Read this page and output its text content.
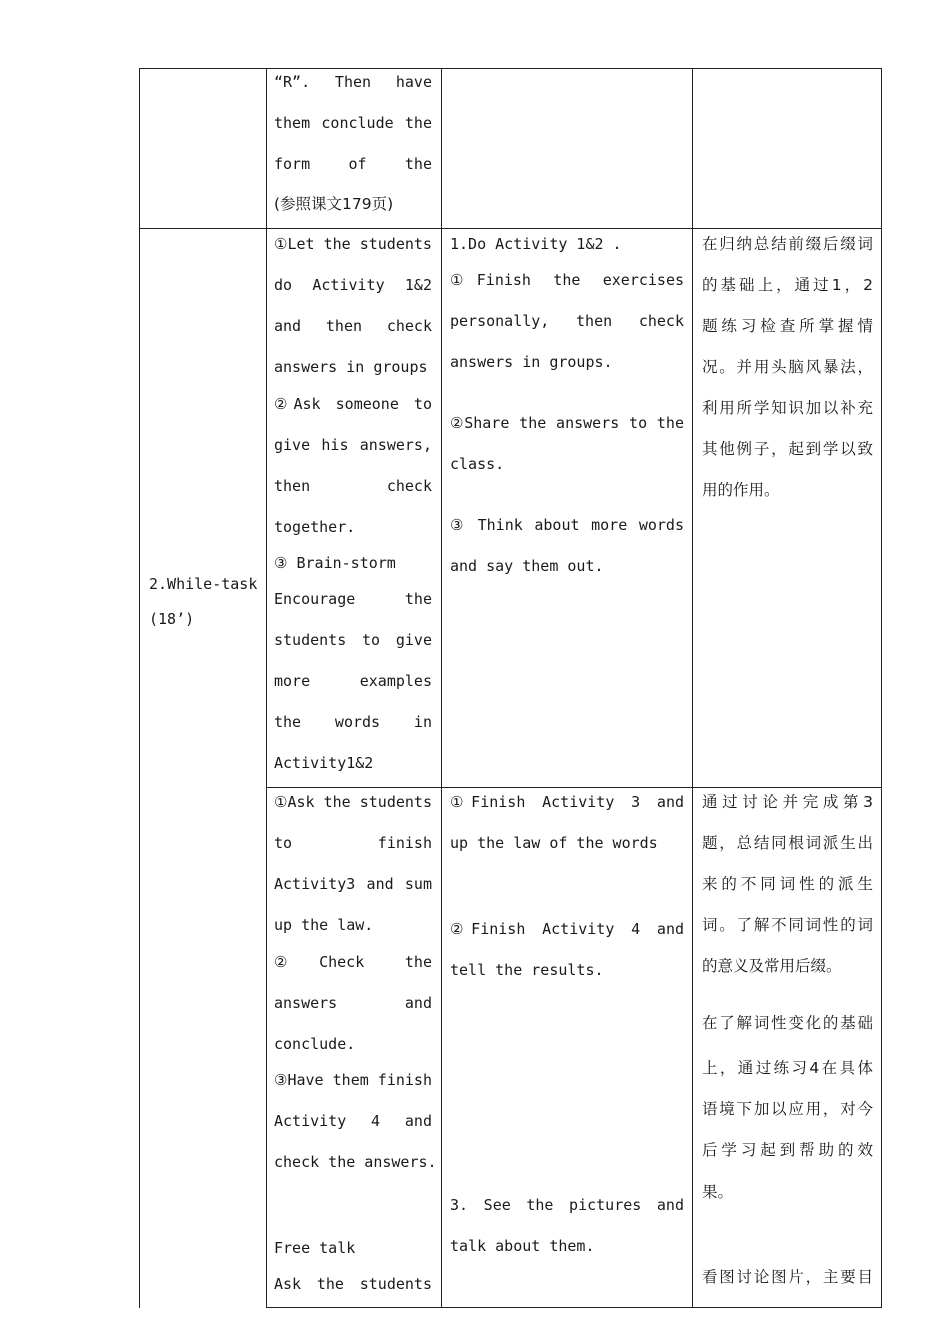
“R”. Then have
them conclude the
form of the
(参照课文179页)
2.While-task
(18’)
①Let the students
do Activity 1&2
and then check
answers in groups
②Ask someone to
give his answers,
then check
together.
③ Brain-storm
Encourage the
students to give
more examples
the words in
Activity1&2
1.Do Activity 1&2 .
①Finish the exercises
personally, then check
answers in groups.
②Share the answers to the
class.
③ Think about more words
and say them out.
在归纳总结前缀后缀词
的基础上，通过1，2
题练习检查所掌握情
况。并用头脑风暴法，
利用所学知识加以补充
其他例子，起到学以致
用的作用。
①Ask the students
to finish
Activity3 and sum
up the law.
②Check the
answers and
conclude.
③Have them finish
Activity 4 and
check the answers.
Free talk
Ask the students
①Finish Activity 3 and
up the law of the words
②Finish Activity 4 and
tell the results.
3. See the pictures and
talk about them.
通过讨论并完成第3
题，总结同根词派生出
来的不同词性的派生
词。了解不同词性的词
的意义及常用后缀。
在了解词性变化的基础
上，通过练习4在具体
语境下加以应用，对今
后学习起到帮助的效
果。
看图讨论图片，主要目
